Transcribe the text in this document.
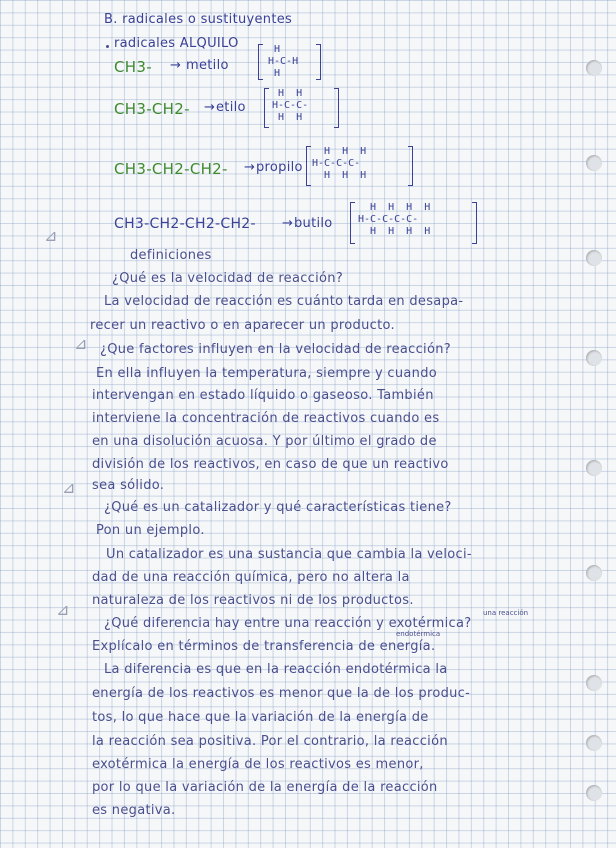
B. radicales o sustituyentes
radicales ALQUILO
CH3- → metilo
H
H-C-H
H
CH3-CH2- → etilo
H  H
H-C-C-
H  H
CH3-CH2-CH2- → propilo
H  H  H
H-C-C-C-
H  H  H
CH3-CH2-CH2-CH2- → butilo
H  H  H  H
H-C-C-C-C-
H  H  H  H
⊿
⊿
⊿
⊿
definiciones
¿Qué es la velocidad de reacción?
La velocidad de reacción es cuánto tarda en desapa-
recer un reactivo o en aparecer un producto.
¿Que factores influyen en la velocidad de reacción?
En ella influyen la temperatura, siempre y cuando
intervengan en estado líquido o gaseoso. También
interviene la concentración de reactivos cuando es
en una disolución acuosa. Y por último el grado de
división de los reactivos, en caso de que un reactivo
sea sólido.
¿Qué es un catalizador y qué características tiene?
Pon un ejemplo.
Un catalizador es una sustancia que cambia la veloci-
dad de una reacción química, pero no altera la
naturaleza de los reactivos ni de los productos.
una reacción
¿Qué diferencia hay entre una reacción y exotérmica?
endotérmica
Explícalo en términos de transferencia de energía.
La diferencia es que en la reacción endotérmica la
energía de los reactivos es menor que la de los produc-
tos, lo que hace que la variación de la energía de
la reacción sea positiva. Por el contrario, la reacción
exotérmica la energía de los reactivos es menor,
por lo que la variación de la energía de la reacción
es negativa.
